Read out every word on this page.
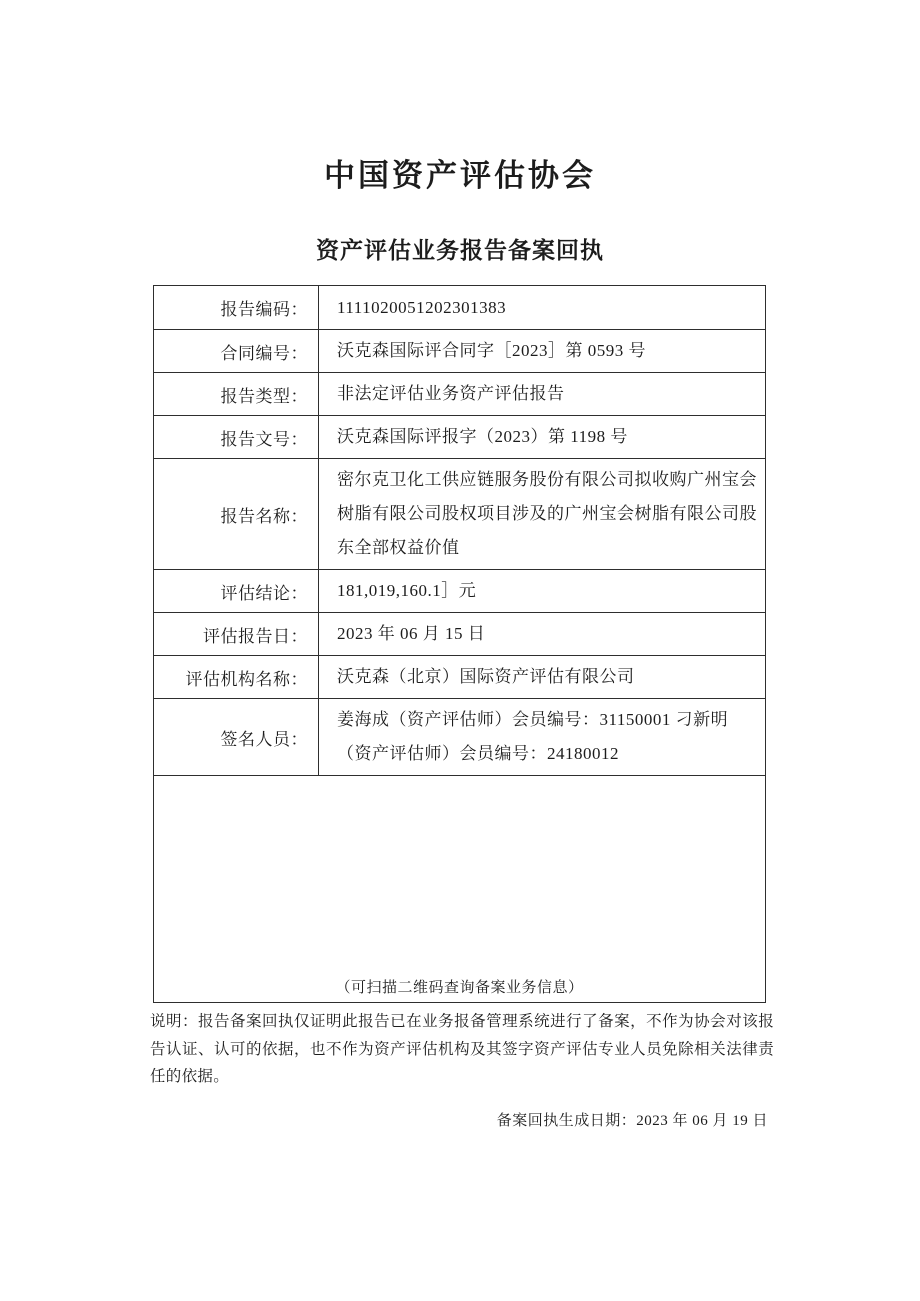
中国资产评估协会
资产评估业务报告备案回执
报告编码：	1111020051202301383
合同编号：	沃克森国际评合同字［2023］第 0593 号
报告类型：	非法定评估业务资产评估报告
报告文号：	沃克森国际评报字（2023）第 1198 号
报告名称：
密尔克卫化工供应链服务股份有限公司拟收购广州宝会树脂有限公司股权项目涉及的广州宝会树脂有限公司股东全部权益价值
评估结论：	181,019,160.1］元
评估报告日：	2023 年 06 月 15 日
评估机构名称：	沃克森（北京）国际资产评估有限公司
签名人员：
姜海成（资产评估师）会员编号：31150001 刁新明（资产评估师）会员编号：24180012
（可扫描二维码查询备案业务信息）

说明：报告备案回执仅证明此报告已在业务报备管理系统进行了备案，不作为协会对该报告认证、认可的依据，也不作为资产评估机构及其签字资产评估专业人员免除相关法律责任的依据。

备案回执生成日期：2023 年 06 月 19 日
